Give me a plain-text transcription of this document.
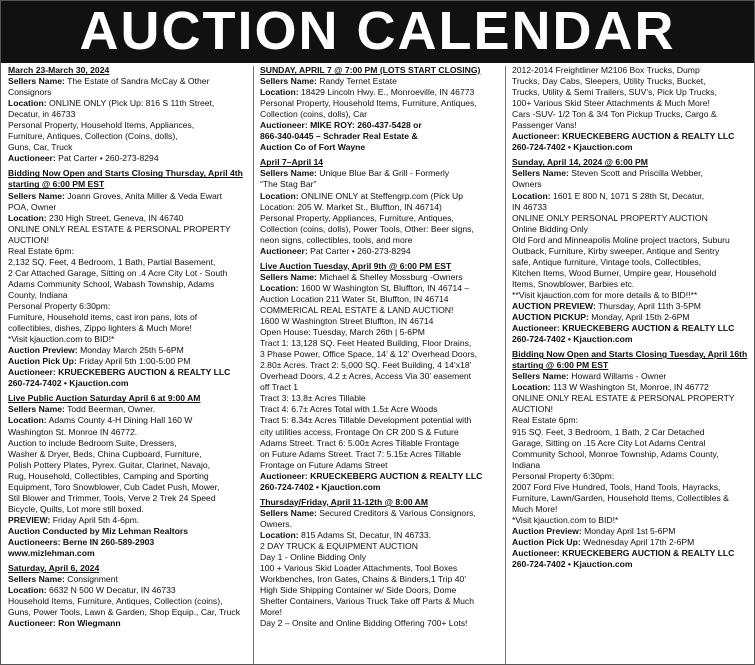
AUCTION CALENDAR
March 23-March 30, 2024
Sellers Name: The Estate of Sandra McCay & Other
Consignors
Location: ONLINE ONLY (Pick Up: 816 S 11th Street,
Decatur, in 46733
Personal Property, Household Items, Appliances,
Furniture, Antiques, Collection (Coins, dolls),
Guns, Car, Truck
Auctioneer: Pat Carter • 260-273-8294
Bidding Now Open and Starts Closing Thursday, April 4th starting @ 6:00 PM EST
Sellers Name: Joann Groves, Anita Miller & Veda Ewart
POA, Owner
Location: 230 High Street, Geneva, IN 46740
ONLINE ONLY REAL ESTATE & PERSONAL PROPERTY
AUCTION!
Real Estate 6pm:
2,132 SQ. Feet, 4 Bedroom, 1 Bath, Partial Basement,
2 Car Attached Garage, Sitting on .4 Acre City Lot - South
Adams Community School, Wabash Township, Adams
County, Indiana
Personal Property 6:30pm:
Furniture, Household items, cast iron pans, lots of
collectibles, dishes, Zippo lighters & Much More!
*Visit kjauction.com to BID!*
Auction Preview: Monday March 25th 5-6PM
Auction Pick Up: Friday April 5th 1:00-5:00 PM
Auctioneer: KRUECKEBERG AUCTION & REALTY LLC
260-724-7402 • Kjauction.com
Live Public Auction Saturday April 6 at 9:00 AM
Sellers Name: Todd Beerman, Owner.
Location: Adams County 4-H Dining Hall 160 W
Washington St. Monroe IN 46772.
Auction to include Bedroom Suite, Dressers,
Washer & Dryer, Beds, China Cupboard, Furniture,
Polish Pottery Plates, Pyrex. Guitar, Clarinet, Navajo,
Rug, Household, Collectibles, Camping and Sporting
Equipment, Toro Snowblower, Cub Cadet Push, Mower,
Stil Blower and Trimmer, Tools, Verve 2 Trek 24 Speed
Bicycle, Quilts, Lot more still boxed.
PREVIEW: Friday April 5th 4-6pm.
Auction Conducted by Miz Lehman Realtors
Auctioneers: Berne IN 260-589-2903
www.mizlehman.com
Saturday, April 6, 2024
Sellers Name: Consignment
Location: 6632 N 500 W Decatur, IN 46733
Household Items, Furniture, Antiques, Collection (coins),
Guns, Power Tools, Lawn & Garden, Shop Equip., Car, Truck
Auctioneer: Ron Wiegmann
SUNDAY, APRIL 7 @ 7:00 PM (LOTS START CLOSING)
Sellers Name: Randy Ternet Estate
Location: 18429 Lincoln Hwy. E., Monroeville, IN 46773
Personal Property, Household Items, Furniture, Antiques,
Collection (coins, dolls), Car
Auctioneer: MIKE ROY: 260-437-5428 or
866-340-0445 – Schrader Real Estate &
Auction Co of Fort Wayne
April 7–April 14
Sellers Name: Unique Blue Bar & Grill - Formerly
“The Stag Bar”
Location: ONLINE ONLY at Steffengrp.com (Pick Up
Location: 205 W. Market St., Bluffton, IN 46714)
Personal Property, Appliances, Furniture, Antiques,
Collection (coins, dolls), Power Tools, Other: Beer signs,
neon signs, collectibles, tools, and more
Auctioneer: Pat Carter • 260-273-8294
Live Auction Tuesday, April 9th @ 6:00 PM EST
Sellers Name: Michael & Shelley Mossburg -Owners
Location: 1600 W Washington St, Bluffton, IN 46714 –
Auction Location 211 Water St, Bluffton, IN 46714
COMMERICAL REAL ESTATE & LAND AUCTION!
1600 W Washington Street Bluffton, IN 46714
Open House: Tuesday, March 26th | 5-6PM
Tract 1: 13,128 SQ. Feet Heated Building, Floor Drains,
3 Phase Power, Office Space, 14’ & 12’ Overhead Doors,
2.80± Acres. Tract 2: 5,000 SQ. Feet Building, 4 14’x18’
Overhead Doors, 4.2 ± Acres, Access Via 30’ easement
off Tract 1
Tract 3: 13.8± Acres Tillable
Tract 4: 6.7± Acres Total with 1.5± Acre Woods
Tract 5: 8.34± Acres Tillable Development potential with
city utilities access, Frontage On CR 200 S & Future
Adams Street. Tract 6: 5.00± Acres Tillable Frontage
on Future Adams Street. Tract 7: 5.15± Acres Tillable
Frontage on Future Adams Street
Auctioneer: KRUECKEBERG AUCTION & REALTY LLC
260-724-7402 • Kjauction.com
Thursday/Friday, April 11-12th @ 8:00 AM
Sellers Name: Secured Creditors & Various Consignors,
Owners.
Location: 815 Adams St, Decatur, IN 46733.
2 DAY TRUCK & EQUIPMENT AUCTION
Day 1 - Online Bidding Only
100 + Various Skid Loader Attachments, Tool Boxes
Workbenches, Iron Gates, Chains & Binders,1 Trip 40’
High Side Shipping Container w/ Side Doors, Dome
Shelter Containers, Various Truck Take off Parts & Much
More!
Day 2 – Onsite and Online Bidding Offering 700+ Lots!
2012-2014 Freightliner M2106 Box Trucks, Dump
Trucks, Day Cabs, Sleepers, Utility Trucks, Bucket,
Trucks, Utility & Semi Trailers, SUV’s, Pick Up Trucks,
100+ Various Skid Steer Attachments & Much More!
Cars -SUV- 1/2 Ton & 3/4 Ton Pickup Trucks, Cargo &
Passenger Vans!
Auctioneer: KRUECKEBERG AUCTION & REALTY LLC
260-724-7402 • Kjauction.com
Sunday, April 14, 2024 @ 6:00 PM
Sellers Name: Steven Scott and Priscilla Webber,
Owners
Location: 1601 E 800 N, 1071 S 28th St, Decatur,
IN 46733
ONLINE ONLY PERSONAL PROPERTY AUCTION
Online Bidding Only
Old Ford and Minneapolis Moline project tractors, Suburu
Outback, Furniture, Kirby sweeper, Antique and Sentry
safe, Antique furniture, Vintage tools, Collectibles,
Kitchen Items, Wood Burner, Umpire gear, Household
Items, Snowblower, Barbies etc.
**Visit kjauction.com for more details & to BID!!**
AUCTION PREVIEW: Thursday, April 11th 3-5PM
AUCTION PICKUP: Monday, April 15th 2-6PM
Auctioneer: KRUECKEBERG AUCTION & REALTY LLC
260-724-7402 • Kjauction.com
Bidding Now Open and Starts Closing Tuesday, April 16th starting @ 6:00 PM EST
Sellers Name: Howard Willams - Owner
Location: 113 W Washington St, Monroe, IN 46772
ONLINE ONLY REAL ESTATE & PERSONAL PROPERTY
AUCTION!
Real Estate 6pm:
915 SQ. Feet, 3 Bedroom, 1 Bath, 2 Car Detached
Garage, Sitting on .15 Acre City Lot Adams Central
Community School, Monroe Township, Adams County,
Indiana
Personal Property 6:30pm:
2007 Ford Five Hundred, Tools, Hand Tools, Hayracks,
Furniture, Lawn/Garden, Household Items, Collectibles &
Much More!
*Visit kjauction.com to BID!*
Auction Preview: Monday April 1st 5-6PM
Auction Pick Up: Wednesday April 17th 2-6PM
Auctioneer: KRUECKEBERG AUCTION & REALTY LLC
260-724-7402 • Kjauction.com
